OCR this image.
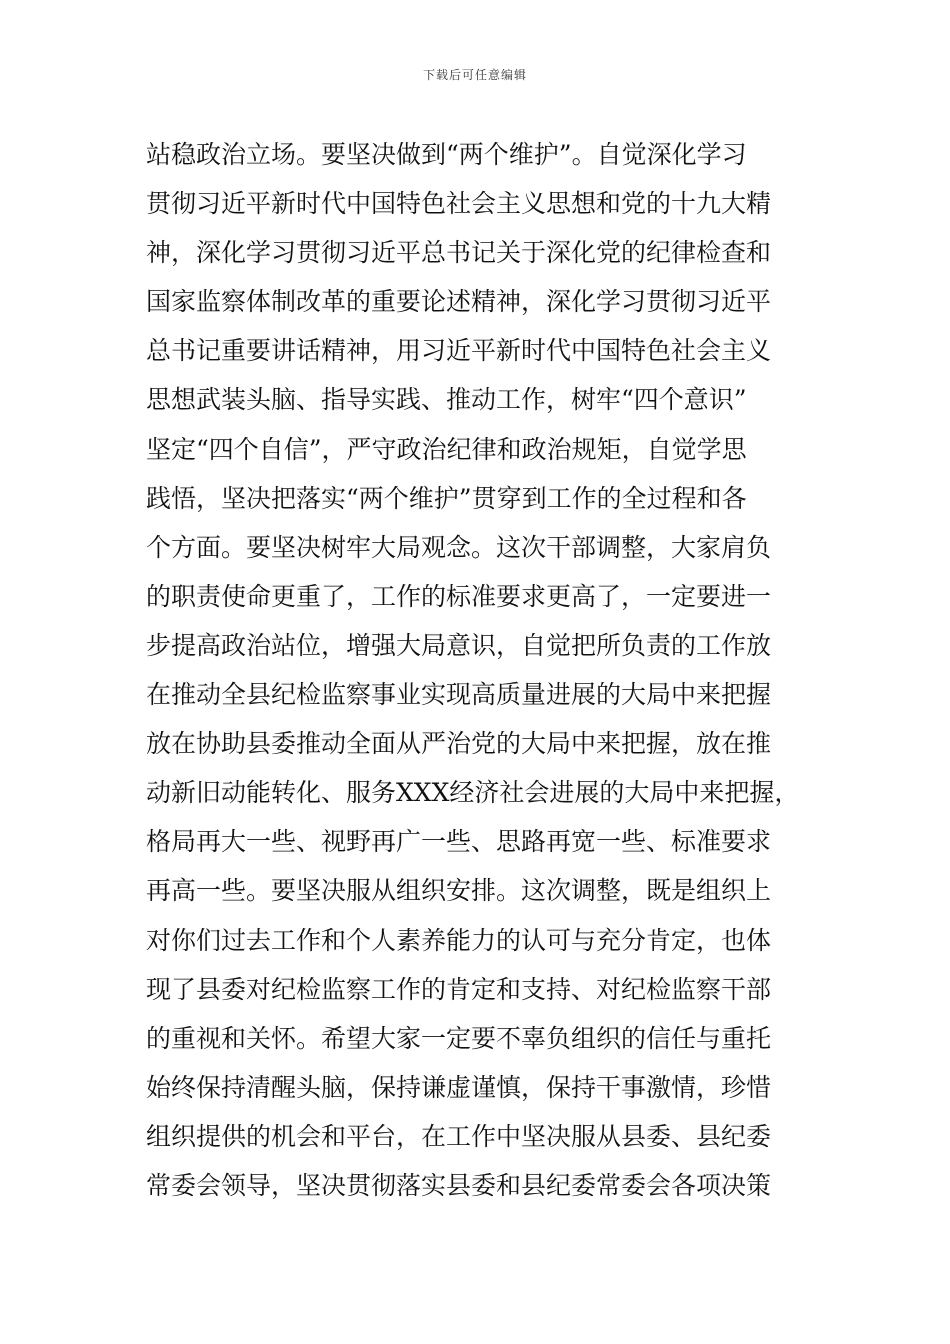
下载后可任意编辑
站稳政治立场。要坚决做到“两个维护”。自觉深化学习
贯彻习近平新时代中国特色社会主义思想和党的十九大精
神，深化学习贯彻习近平总书记关于深化党的纪律检查和
国家监察体制改革的重要论述精神，深化学习贯彻习近平
总书记重要讲话精神，用习近平新时代中国特色社会主义
思想武装头脑、指导实践、推动工作，树牢“四个意识”
坚定“四个自信”，严守政治纪律和政治规矩，自觉学思
践悟，坚决把落实“两个维护”贯穿到工作的全过程和各
个方面。要坚决树牢大局观念。这次干部调整，大家肩负
的职责使命更重了，工作的标准要求更高了，一定要进一
步提高政治站位，增强大局意识，自觉把所负责的工作放
在推动全县纪检监察事业实现高质量进展的大局中来把握
放在协助县委推动全面从严治党的大局中来把握，放在推
动新旧动能转化、服务XXX经济社会进展的大局中来把握，
格局再大一些、视野再广一些、思路再宽一些、标准要求
再高一些。要坚决服从组织安排。这次调整，既是组织上
对你们过去工作和个人素养能力的认可与充分肯定，也体
现了县委对纪检监察工作的肯定和支持、对纪检监察干部
的重视和关怀。希望大家一定要不辜负组织的信任与重托
始终保持清醒头脑，保持谦虚谨慎，保持干事激情，珍惜
组织提供的机会和平台，在工作中坚决服从县委、县纪委
常委会领导，坚决贯彻落实县委和县纪委常委会各项决策
